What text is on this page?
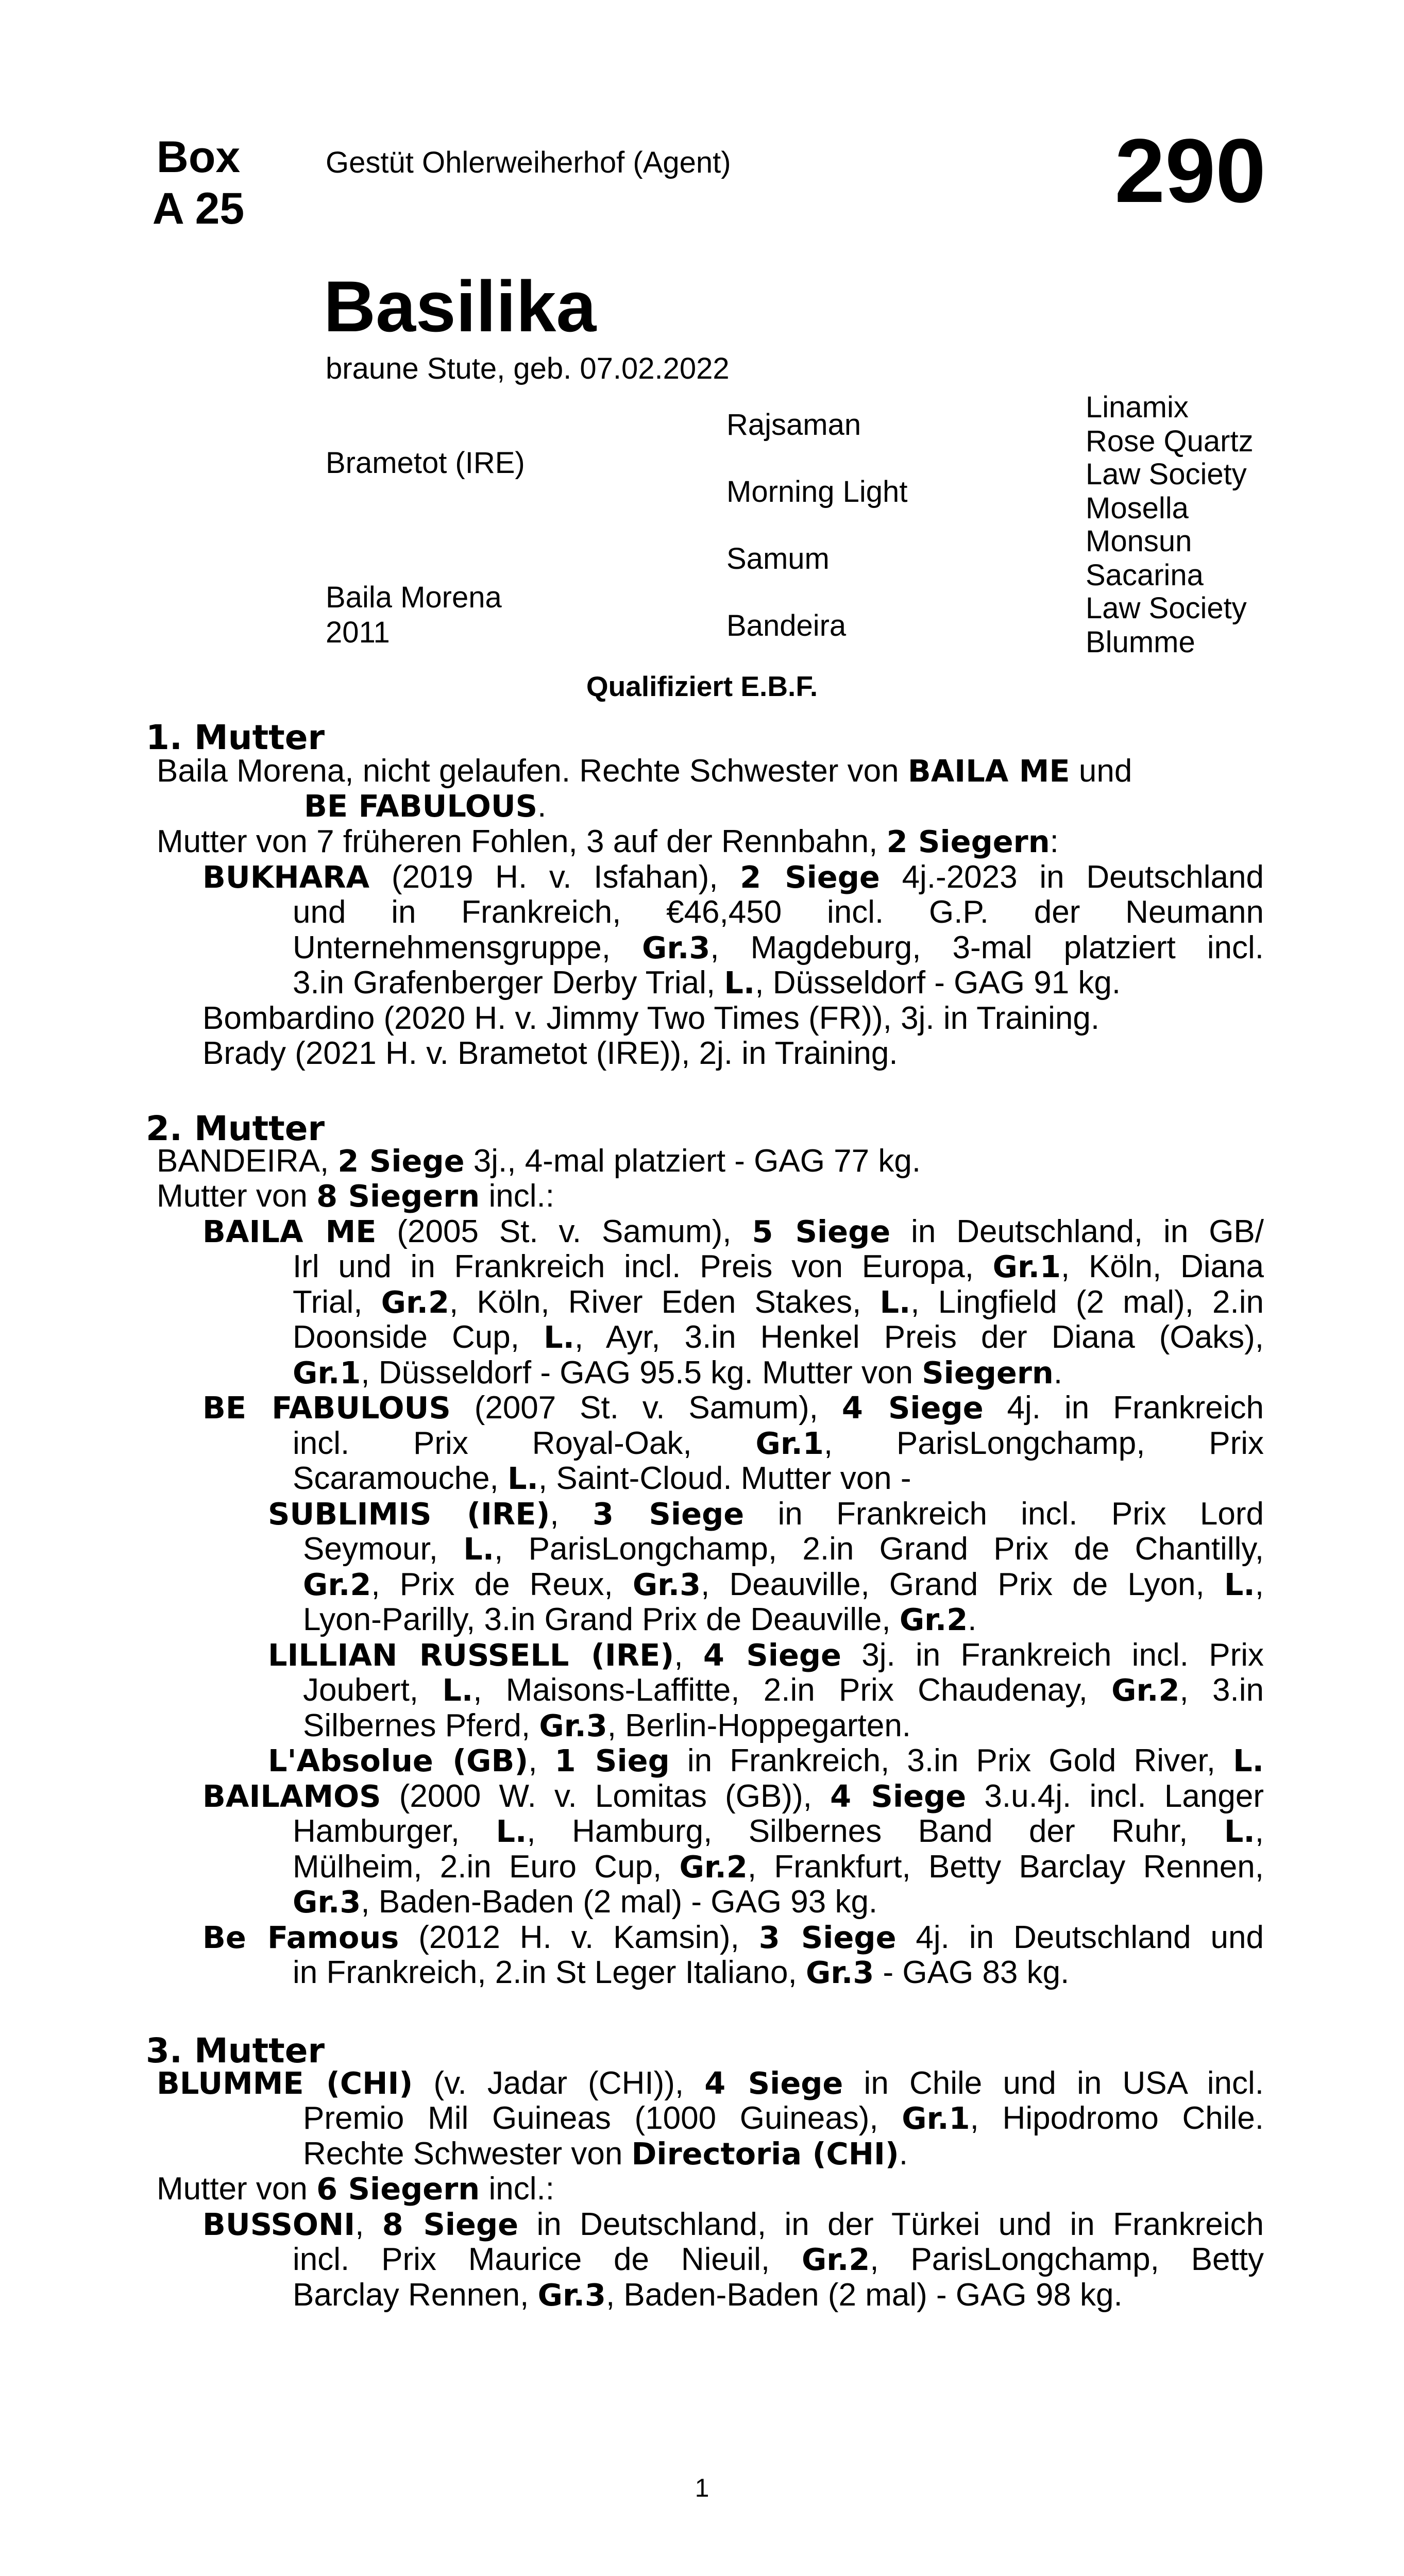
Box
A 25
Gestüt Ohlerweiherhof (Agent)	290
Basilika
braune Stute, geb. 07.02.2022
Brametot (IRE)
Baila Morena
2011
Rajsaman
Morning Light
Samum
Bandeira
Linamix
Rose Quartz
Law Society
Mosella
Monsun
Sacarina
Law Society
Blumme
Qualifiziert E.B.F.
1. Mutter
Baila Morena, nicht gelaufen. Rechte Schwester von BAILA ME und
BE FABULOUS.
Mutter von 7 früheren Fohlen, 3 auf der Rennbahn, 2 Siegern:
BUKHARA (2019 H. v. Isfahan), 2 Siege 4j.-2023 in Deutschland
und in Frankreich, €46,450 incl. G.P. der Neumann
Unternehmensgruppe, Gr.3, Magdeburg, 3-mal platziert incl.
3.in Grafenberger Derby Trial, L., Düsseldorf - GAG 91 kg.
Bombardino (2020 H. v. Jimmy Two Times (FR)), 3j. in Training.
Brady (2021 H. v. Brametot (IRE)), 2j. in Training.
2. Mutter
BANDEIRA, 2 Siege 3j., 4-mal platziert - GAG 77 kg.
Mutter von 8 Siegern incl.:
BAILA ME (2005 St. v. Samum), 5 Siege in Deutschland, in GB/
Irl und in Frankreich incl. Preis von Europa, Gr.1, Köln, Diana
Trial, Gr.2, Köln, River Eden Stakes, L., Lingfield (2 mal), 2.in
Doonside Cup, L., Ayr, 3.in Henkel Preis der Diana (Oaks),
Gr.1, Düsseldorf - GAG 95.5 kg. Mutter von Siegern.
BE FABULOUS (2007 St. v. Samum), 4 Siege 4j. in Frankreich
incl. Prix Royal-Oak, Gr.1, ParisLongchamp, Prix
Scaramouche, L., Saint-Cloud. Mutter von -
SUBLIMIS (IRE), 3 Siege in Frankreich incl. Prix Lord
Seymour, L., ParisLongchamp, 2.in Grand Prix de Chantilly,
Gr.2, Prix de Reux, Gr.3, Deauville, Grand Prix de Lyon, L.,
Lyon-Parilly, 3.in Grand Prix de Deauville, Gr.2.
LILLIAN RUSSELL (IRE), 4 Siege 3j. in Frankreich incl. Prix
Joubert, L., Maisons-Laffitte, 2.in Prix Chaudenay, Gr.2, 3.in
Silbernes Pferd, Gr.3, Berlin-Hoppegarten.
L'Absolue (GB), 1 Sieg in Frankreich, 3.in Prix Gold River, L.
BAILAMOS (2000 W. v. Lomitas (GB)), 4 Siege 3.u.4j. incl. Langer
Hamburger, L., Hamburg, Silbernes Band der Ruhr, L.,
Mülheim, 2.in Euro Cup, Gr.2, Frankfurt, Betty Barclay Rennen,
Gr.3, Baden-Baden (2 mal) - GAG 93 kg.
Be Famous (2012 H. v. Kamsin), 3 Siege 4j. in Deutschland und
in Frankreich, 2.in St Leger Italiano, Gr.3 - GAG 83 kg.
3. Mutter
BLUMME (CHI) (v. Jadar (CHI)), 4 Siege in Chile und in USA incl.
Premio Mil Guineas (1000 Guineas), Gr.1, Hipodromo Chile.
Rechte Schwester von Directoria (CHI).
Mutter von 6 Siegern incl.:
BUSSONI, 8 Siege in Deutschland, in der Türkei und in Frankreich
incl. Prix Maurice de Nieuil, Gr.2, ParisLongchamp, Betty
Barclay Rennen, Gr.3, Baden-Baden (2 mal) - GAG 98 kg.
1
